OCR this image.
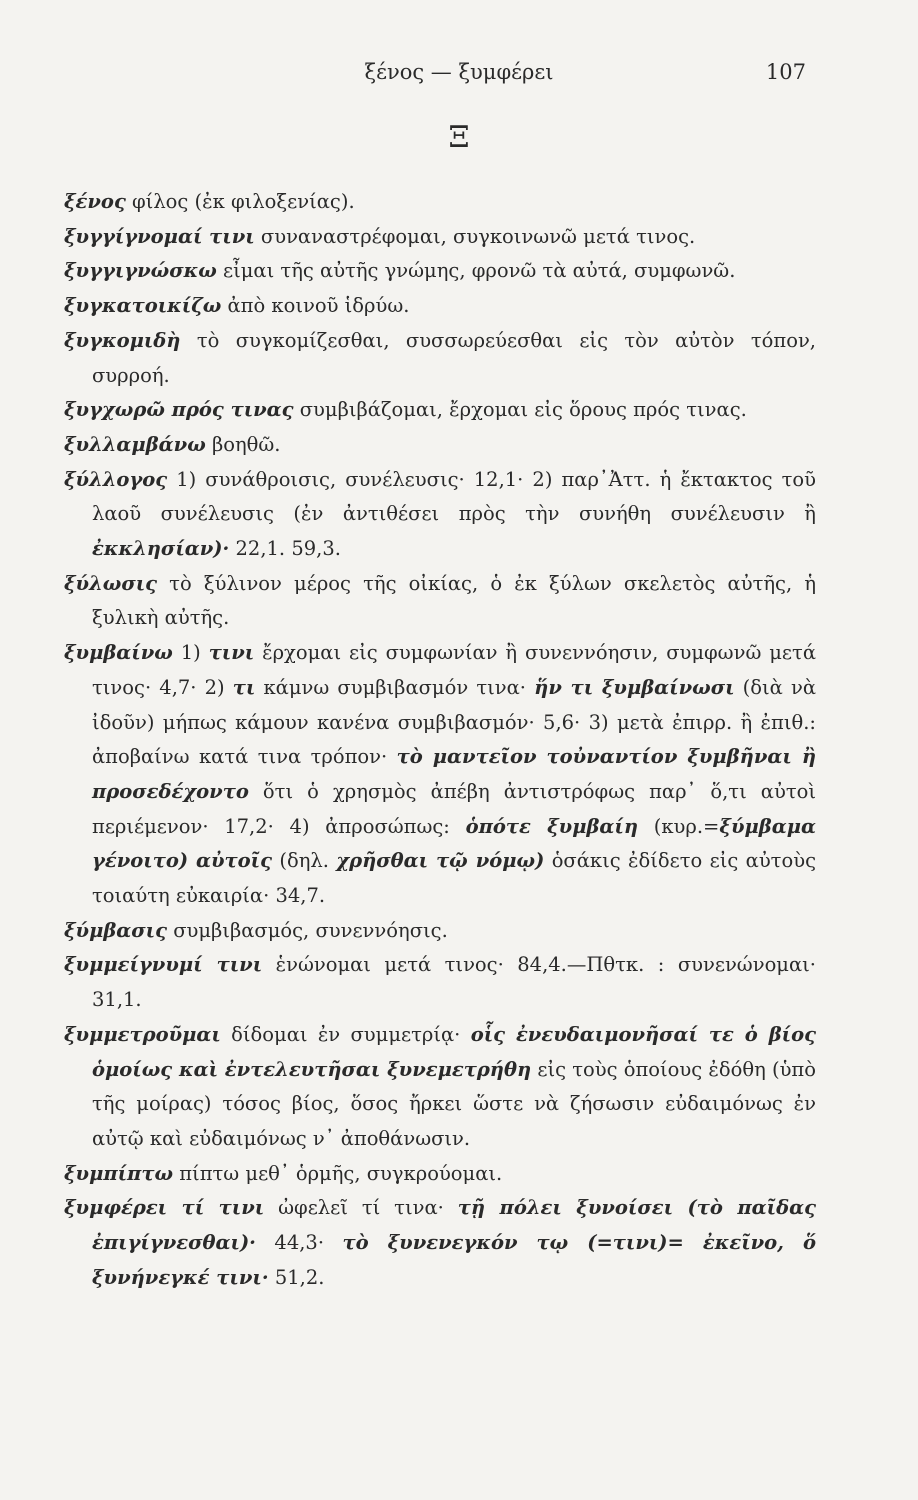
ξένος — ξυμφέρει	107
Ξ

ξένος φίλος (ἐκ φιλοξενίας).

ξυγγίγνομαί τινι συναναστρέφομαι, συγκοινωνῶ μετά τινος.

ξυγγιγνώσκω εἶμαι τῆς αὐτῆς γνώμης, φρονῶ τὰ αὐτά, συμφωνῶ.

ξυγκατοικίζω ἀπὸ κοινοῦ ἱδρύω.

ξυγκομιδὴ τὸ συγκομίζεσθαι, συσσωρεύεσθαι εἰς τὸν αὐτὸν τόπον, συρροή.

ξυγχωρῶ πρός τινας συμβιβάζομαι, ἔρχομαι εἰς ὅρους πρός τινας.

ξυλλαμβάνω βοηθῶ.

ξύλλογος 1) συνάθροισις, συνέλευσις· 12,1· 2) παρ᾽Ἀττ. ἡ ἔκτακτος τοῦ λαοῦ συνέλευσις (ἐν ἀντιθέσει πρὸς τὴν συνήθη συνέλευσιν ἢ ἐκκλησίαν)· 22,1. 59,3.

ξύλωσις τὸ ξύλινον μέρος τῆς οἰκίας, ὁ ἐκ ξύλων σκελετὸς αὐτῆς, ἡ ξυλικὴ αὐτῆς.

ξυμβαίνω 1) τινι ἔρχομαι εἰς συμφωνίαν ἢ συνεννόησιν, συμφωνῶ μετά τινος· 4,7· 2) τι κάμνω συμβιβασμόν τινα· ἥν τι ξυμβαίνωσι (διὰ νὰ ἰδοῦν) μήπως κάμουν κανένα συμβιβασμόν· 5,6· 3) μετὰ ἐπιρρ. ἢ ἐπιθ.: ἀποβαίνω κατά τινα τρόπον· τὸ μαντεῖον τοὐναντίον ξυμβῆναι ἢ προσεδέχοντο ὅτι ὁ χρησμὸς ἀπέβη ἀντιστρόφως παρ᾽ ὅ,τι αὐτοὶ περιέμενον· 17,2· 4) ἀπροσώπως: ὁπότε ξυμβαίη (κυρ.=ξύμβαμα γένοιτο) αὐτοῖς (δηλ. χρῆσθαι τῷ νόμῳ) ὁσάκις ἐδίδετο εἰς αὐτοὺς τοιαύτη εὐκαιρία· 34,7.

ξύμβασις συμβιβασμός, συνεννόησις.

ξυμμείγνυμί τινι ἑνώνομαι μετά τινος· 84,4.—Πθτκ. : συνενώνομαι· 31,1.

ξυμμετροῦμαι δίδομαι ἐν συμμετρίᾳ· οἷς ἐνευδαιμονῆσαί τε ὁ βίος ὁμοίως καὶ ἐντελευτῆσαι ξυνεμετρήθη εἰς τοὺς ὁποίους ἐδόθη (ὑπὸ τῆς μοίρας) τόσος βίος, ὅσος ἤρκει ὥστε νὰ ζήσωσιν εὐδαιμόνως ἐν αὐτῷ καὶ εὐδαιμόνως ν᾽ ἀποθάνωσιν.

ξυμπίπτω πίπτω μεθ᾽ ὁρμῆς, συγκρούομαι.

ξυμφέρει τί τινι ὠφελεῖ τί τινα· τῇ πόλει ξυνοίσει (τὸ παῖδας ἐπιγίγνεσθαι)· 44,3· τὸ ξυνενεγκόν τῳ (=τινι)= ἐκεῖνο, ὅ ξυνήνεγκέ τινι· 51,2.
